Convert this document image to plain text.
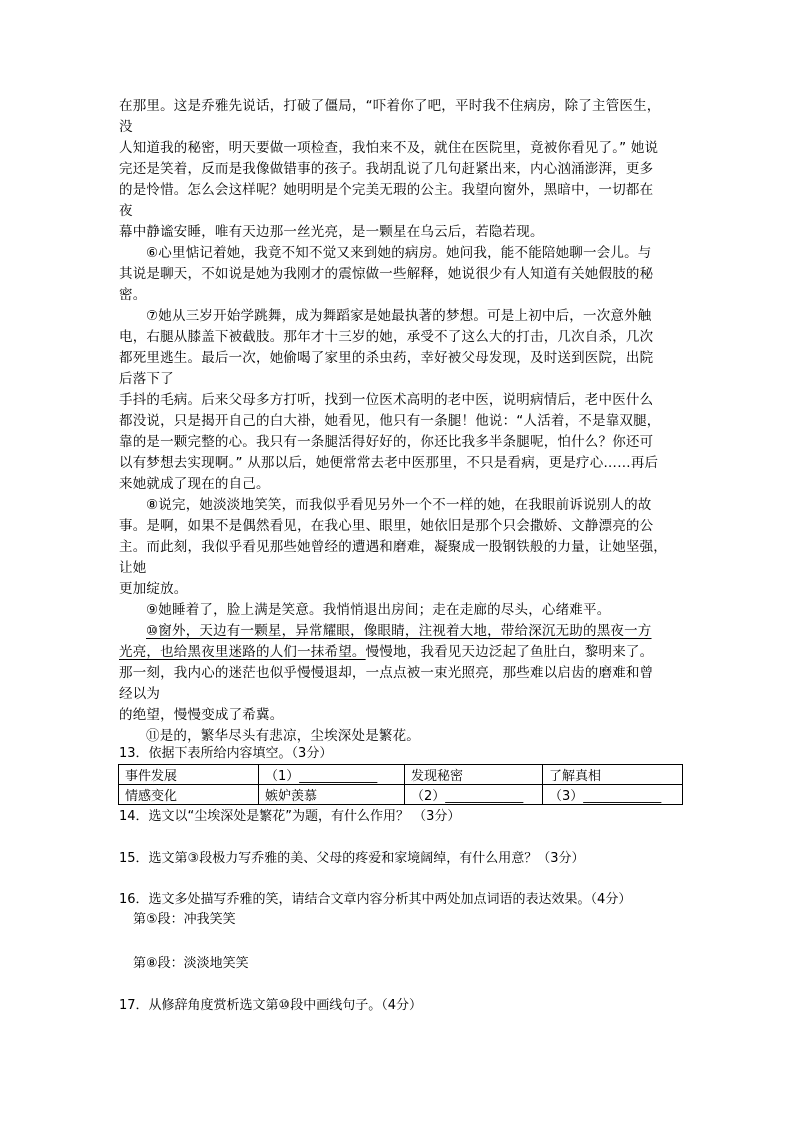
在那里。这是乔雅先说话，打破了僵局，“吓着你了吧，平时我不住病房，除了主管医生，
没
人知道我的秘密，明天要做一项检查，我怕来不及，就住在医院里，竟被你看见了。” 她说
完还是笑着，反而是我像做错事的孩子。我胡乱说了几句赶紧出来，内心汹涌澎湃，更多
的是怜惜。怎么会这样呢？她明明是个完美无瑕的公主。我望向窗外，黑暗中，一切都在
夜
幕中静谧安睡，唯有天边那一丝光亮，是一颗星在乌云后，若隐若现。
⑥心里惦记着她，我竟不知不觉又来到她的病房。她问我，能不能陪她聊一会儿。与
其说是聊天，不如说是她为我刚才的震惊做一些解释，她说很少有人知道有关她假肢的秘
密。
⑦她从三岁开始学跳舞，成为舞蹈家是她最执著的梦想。可是上初中后，一次意外触
电，右腿从膝盖下被截肢。那年才十三岁的她，承受不了这么大的打击，几次自杀，几次
都死里逃生。最后一次，她偷喝了家里的杀虫药，幸好被父母发现，及时送到医院，出院
后落下了
手抖的毛病。后来父母多方打听，找到一位医术高明的老中医，说明病情后，老中医什么
都没说，只是揭开自己的白大褂，她看见，他只有一条腿！他说：“人活着，不是靠双腿，
靠的是一颗完整的心。我只有一条腿活得好好的，你还比我多半条腿呢，怕什么？你还可
以有梦想去实现啊。” 从那以后，她便常常去老中医那里，不只是看病，更是疗心……再后
来她就成了现在的自己。
⑧说完，她淡淡地笑笑，而我似乎看见另外一个不一样的她，在我眼前诉说别人的故
事。是啊，如果不是偶然看见，在我心里、眼里，她依旧是那个只会撒娇、文静漂亮的公
主。而此刻，我似乎看见那些她曾经的遭遇和磨难，凝聚成一股钢铁般的力量，让她坚强，
让她
更加绽放。
⑨她睡着了，脸上满是笑意。我悄悄退出房间；走在走廊的尽头，心绪难平。
⑩窗外，天边有一颗星，异常耀眼，像眼睛，注视着大地，带给深沉无助的黑夜一方
光亮，也给黑夜里迷路的人们一抹希望。慢慢地，我看见天边泛起了鱼肚白，黎明来了。
那一刻，我内心的迷茫也似乎慢慢退却，一点点被一束光照亮，那些难以启齿的磨难和曾
经以为
的绝望，慢慢变成了希冀。
⑪是的，繁华尽头有悲凉，尘埃深处是繁花。
13．依据下表所给内容填空。（3分）
事件发展	（1）____________	发现秘密	了解真相
情感变化	嫉妒羡慕	（2）____________	（3）____________
14．选文以“尘埃深处是繁花”为题，有什么作用？ （3分）
15．选文第③段极力写乔雅的美、父母的疼爱和家境阔绰，有什么用意？（3分）
16．选文多处描写乔雅的笑，请结合文章内容分析其中两处加点词语的表达效果。（4分）
第⑤段：冲我笑笑
第⑧段：淡淡地笑笑
17．从修辞角度赏析选文第⑩段中画线句子。（4分）
